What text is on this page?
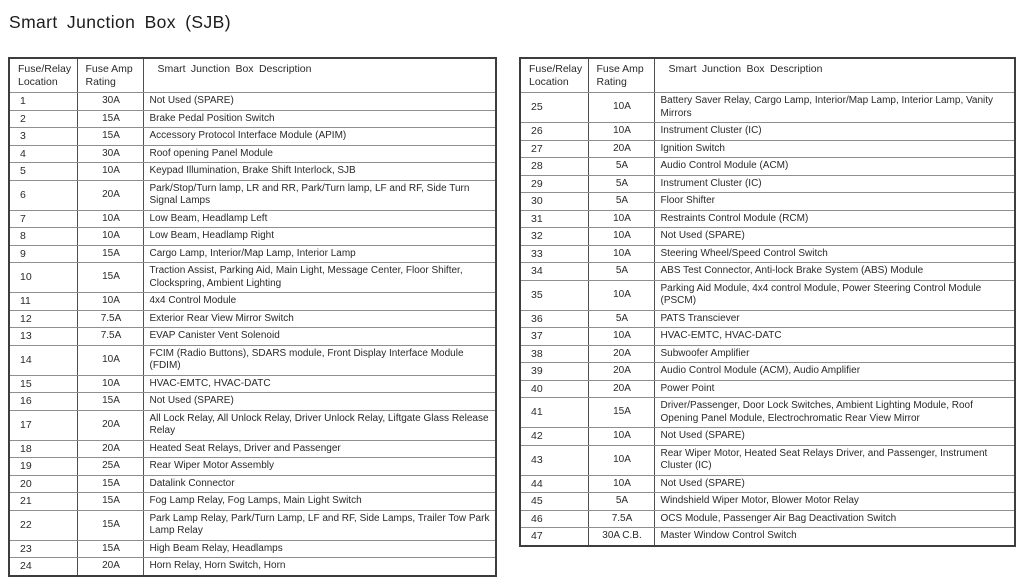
Smart Junction Box (SJB)
Fuse/Relay Location	Fuse Amp Rating	Smart Junction Box Description
1	30A	Not Used (SPARE)
2	15A	Brake Pedal Position Switch
3	15A	Accessory Protocol Interface Module (APIM)
4	30A	Roof opening Panel Module
5	10A	Keypad Illumination, Brake Shift Interlock, SJB
6	20A	Park/Stop/Turn lamp, LR and RR, Park/Turn lamp, LF and RF, Side Turn Signal Lamps
7	10A	Low Beam, Headlamp Left
8	10A	Low Beam, Headlamp Right
9	15A	Cargo Lamp, Interior/Map Lamp, Interior Lamp
10	15A	Traction Assist, Parking Aid, Main Light, Message Center, Floor Shifter, Clockspring, Ambient Lighting
11	10A	4x4 Control Module
12	7.5A	Exterior Rear View Mirror Switch
13	7.5A	EVAP Canister Vent Solenoid
14	10A	FCIM (Radio Buttons), SDARS module, Front Display Interface Module (FDIM)
15	10A	HVAC-EMTC, HVAC-DATC
16	15A	Not Used (SPARE)
17	20A	All Lock Relay, All Unlock Relay, Driver Unlock Relay, Liftgate Glass Release Relay
18	20A	Heated Seat Relays, Driver and Passenger
19	25A	Rear Wiper Motor Assembly
20	15A	Datalink Connector
21	15A	Fog Lamp Relay, Fog Lamps, Main Light Switch
22	15A	Park Lamp Relay, Park/Turn Lamp, LF and RF, Side Lamps, Trailer Tow Park Lamp Relay
23	15A	High Beam Relay, Headlamps
24	20A	Horn Relay, Horn Switch, Horn
Fuse/Relay Location	Fuse Amp Rating	Smart Junction Box Description
25	10A	Battery Saver Relay, Cargo Lamp, Interior/Map Lamp, Interior Lamp, Vanity Mirrors
26	10A	Instrument Cluster (IC)
27	20A	Ignition Switch
28	5A	Audio Control Module (ACM)
29	5A	Instrument Cluster (IC)
30	5A	Floor Shifter
31	10A	Restraints Control Module (RCM)
32	10A	Not Used (SPARE)
33	10A	Steering Wheel/Speed Control Switch
34	5A	ABS Test Connector, Anti-lock Brake System (ABS) Module
35	10A	Parking Aid Module, 4x4 control Module, Power Steering Control Module (PSCM)
36	5A	PATS Transciever
37	10A	HVAC-EMTC, HVAC-DATC
38	20A	Subwoofer Amplifier
39	20A	Audio Control Module (ACM), Audio Amplifier
40	20A	Power Point
41	15A	Driver/Passenger, Door Lock Switches, Ambient Lighting Module, Roof Opening Panel Module, Electrochromatic Rear View Mirror
42	10A	Not Used (SPARE)
43	10A	Rear Wiper Motor, Heated Seat Relays Driver, and Passenger, Instrument Cluster (IC)
44	10A	Not Used (SPARE)
45	5A	Windshield Wiper Motor, Blower Motor Relay
46	7.5A	OCS Module, Passenger Air Bag Deactivation Switch
47	30A C.B.	Master Window Control Switch
